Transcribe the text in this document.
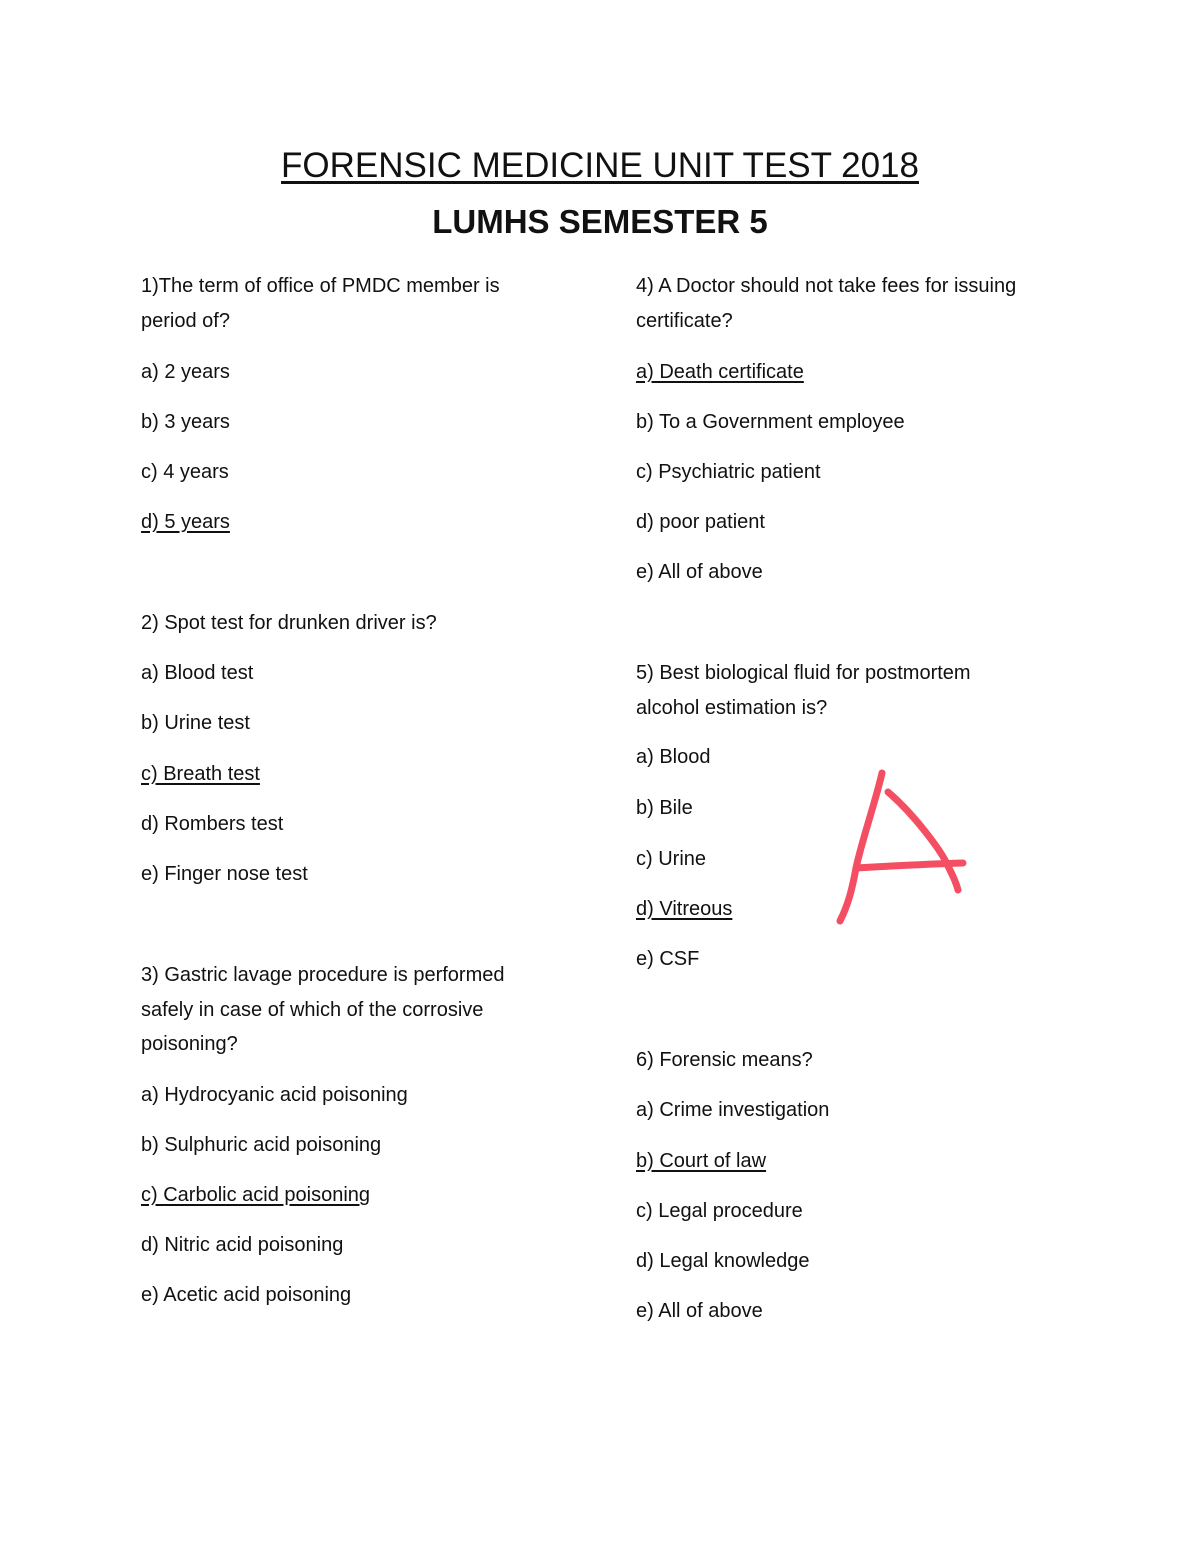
FORENSIC MEDICINE UNIT TEST 2018
LUMHS SEMESTER 5
1)The term of office of PMDC member is
period of?
a) 2 years
b) 3 years
c) 4 years
d) 5 years
2) Spot test for drunken driver is?
a) Blood test
b) Urine test
c) Breath test
d) Rombers test
e) Finger nose test
3) Gastric lavage procedure is performed
safely in case of which of the corrosive
poisoning?
a) Hydrocyanic acid poisoning
b) Sulphuric acid poisoning
c) Carbolic acid poisoning
d) Nitric acid poisoning
e) Acetic acid poisoning
4) A Doctor should not take fees for issuing
certificate?
a) Death certificate
b) To a Government employee
c) Psychiatric patient
d) poor patient
e) All of above
5) Best biological fluid for postmortem
alcohol estimation is?
a) Blood
b) Bile
c) Urine
d) Vitreous
e) CSF
6) Forensic means?
a) Crime investigation
b) Court of law
c) Legal procedure
d) Legal knowledge
e) All of above
